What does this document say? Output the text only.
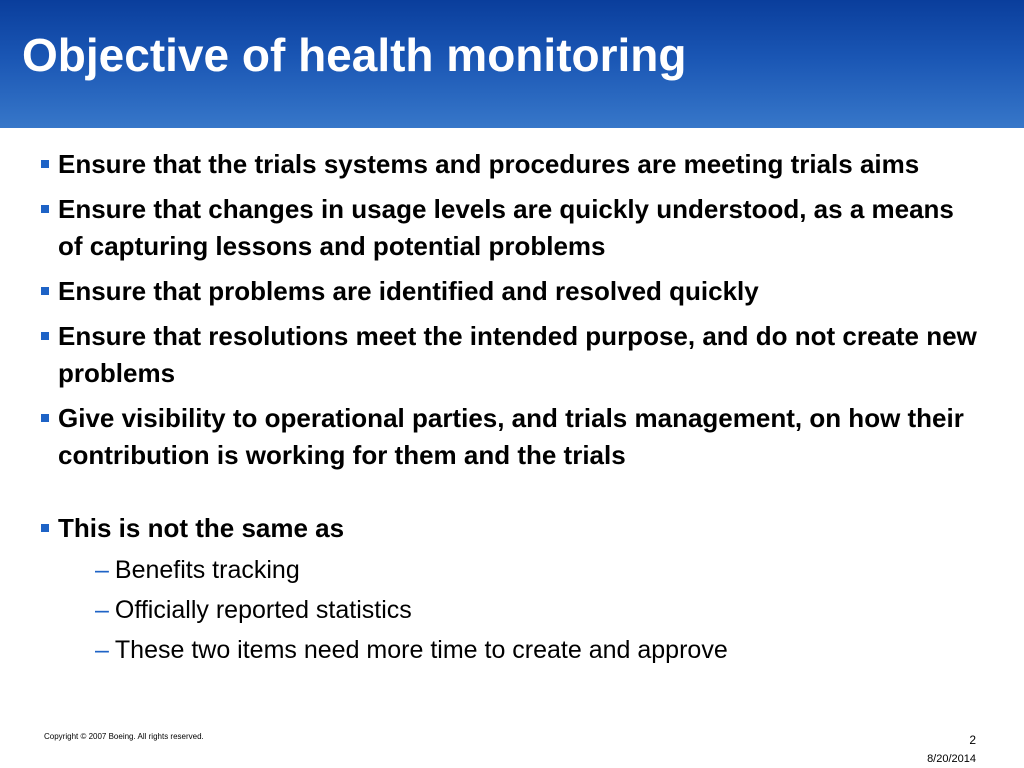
Objective of health monitoring
Ensure that the trials systems and procedures are meeting trials aims
Ensure that changes in usage levels are quickly understood, as a means of capturing lessons and potential problems
Ensure that problems are identified and resolved quickly
Ensure that resolutions meet the intended purpose, and do not create new problems
Give visibility to operational parties, and trials management, on how their contribution is working for them and the trials
This is not the same as
– Benefits tracking
– Officially reported statistics
– These two items need more time to create and approve
Copyright © 2007 Boeing. All rights reserved.	2
8/20/2014
